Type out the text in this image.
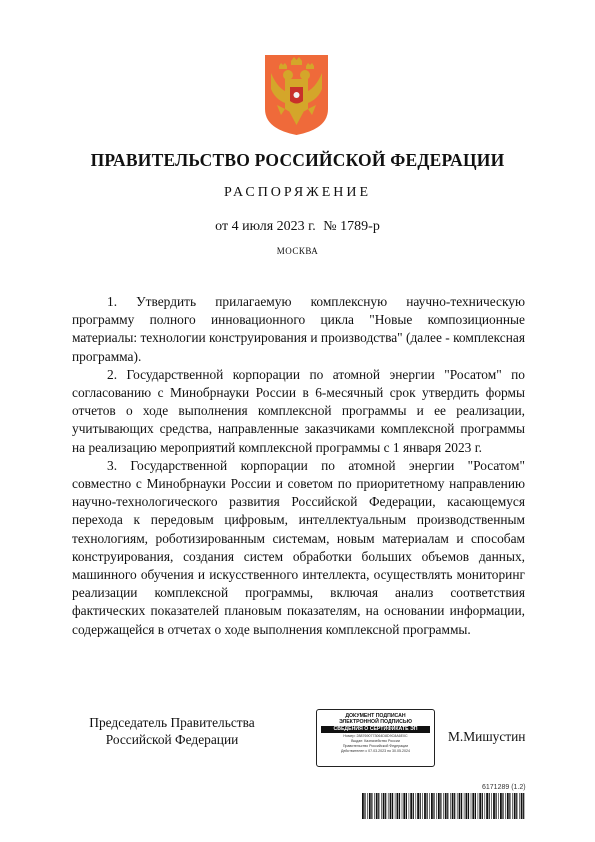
ПРАВИТЕЛЬСТВО РОССИЙСКОЙ ФЕДЕРАЦИИ
РАСПОРЯЖЕНИЕ
от 4 июля 2023 г. № 1789-р
МОСКВА

1. Утвердить прилагаемую комплексную научно-техническую программу полного инновационного цикла "Новые композиционные материалы: технологии конструирования и производства" (далее - комплексная программа).

2. Государственной корпорации по атомной энергии "Росатом" по согласованию с Минобрнауки России в 6-месячный срок утвердить формы отчетов о ходе выполнения комплексной программы и ее реализации, учитывающих средства, направленные заказчиками комплексной программы на реализацию мероприятий комплексной программы с 1 января 2023 г.

3. Государственной корпорации по атомной энергии "Росатом" совместно с Минобрнауки России и советом по приоритетному направлению научно-технологического развития Российской Федерации, касающемуся перехода к передовым цифровым, интеллектуальным производственным технологиям, роботизированным системам, новым материалам и способам конструирования, создания систем обработки больших объемов данных, машинного обучения и искусственного интеллекта, осуществлять мониторинг реализации комплексной программы, включая анализ соответствия фактических показателей плановым показателям, на основании информации, содержащейся в отчетах о ходе выполнения комплексной программы.

Председатель Правительства
Российской Федерации
ДОКУМЕНТ ПОДПИСАН
ЭЛЕКТРОННОЙ ПОДПИСЬЮ
СВЕДЕНИЯ О СЕРТИФИКАТЕ ЭП
Номер: 2887690773064D8D9C8A6E0C
Выдан: Казначейство России
Правительство Российской Федерации
Действителен с 07.03.2023 по 30.05.2024
М.Мишустин
6171289 (1.2)
